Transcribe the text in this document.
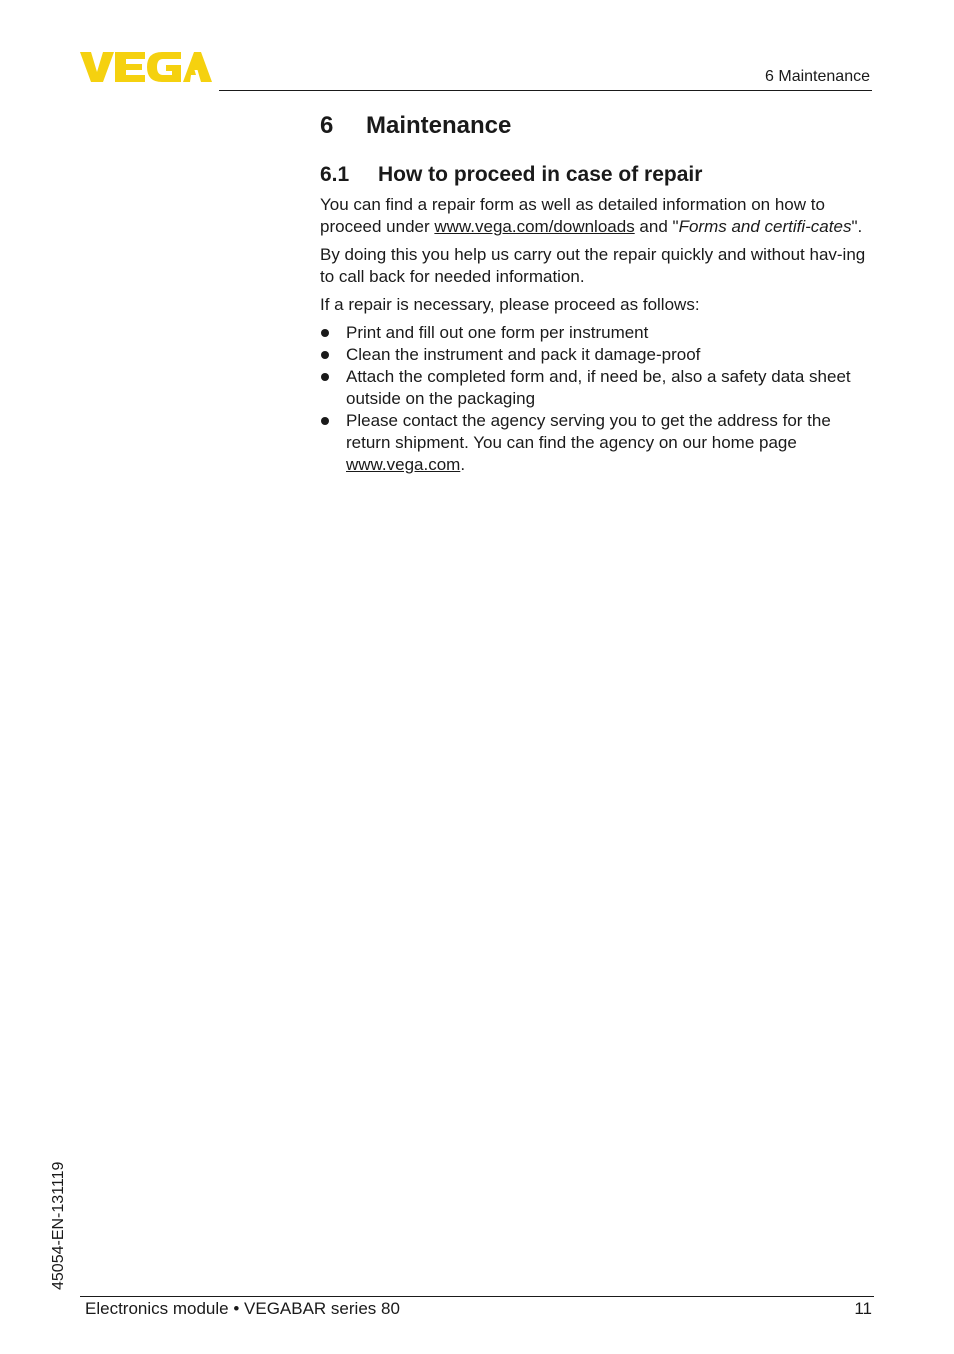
6 Maintenance
6	Maintenance
6.1	How to proceed in case of repair

You can find a repair form as well as detailed information on how to proceed under www.vega.com/downloads and "Forms and certifi-cates".

By doing this you help us carry out the repair quickly and without hav-ing to call back for needed information.

If a repair is necessary, please proceed as follows:

Print and fill out one form per instrument
Clean the instrument and pack it damage-proof
Attach the completed form and, if need be, also a safety data sheet outside on the packaging
Please contact the agency serving you to get the address for the return shipment. You can find the agency on our home page www.vega.com.
45054-EN-131119
Electronics module • VEGABAR series 80	11
